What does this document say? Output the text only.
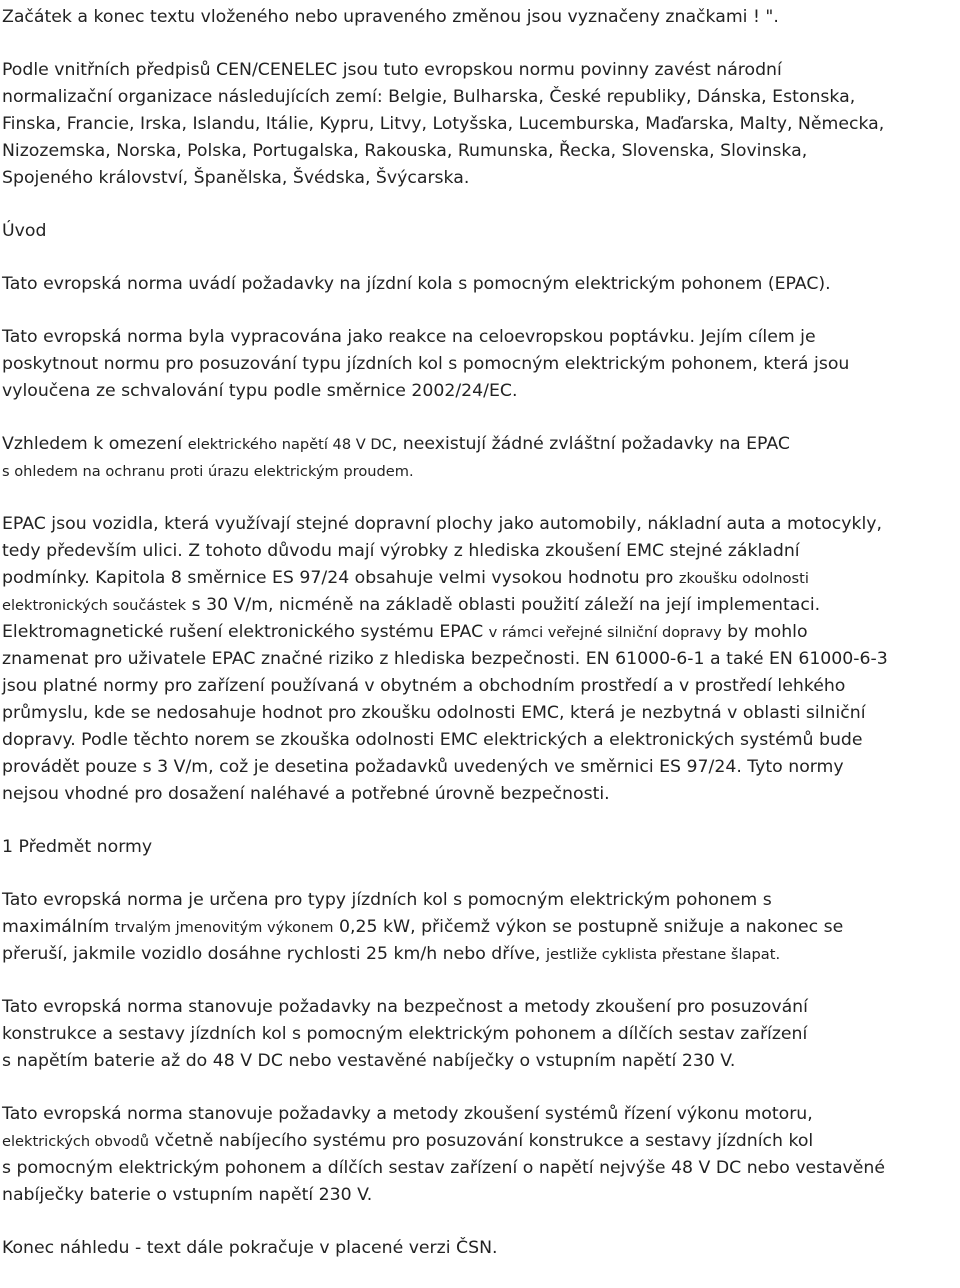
Začátek a konec textu vloženého nebo upraveného změnou jsou vyznačeny značkami ! ".

Podle vnitřních předpisů CEN/CENELEC jsou tuto evropskou normu povinny zavést národní
normalizační organizace následujících zemí: Belgie, Bulharska, České republiky, Dánska, Estonska,
Finska, Francie, Irska, Islandu, Itálie, Kypru, Litvy, Lotyšska, Lucemburska, Maďarska, Malty, Německa,
Nizozemska, Norska, Polska, Portugalska, Rakouska, Rumunska, Řecka, Slovenska, Slovinska,
Spojeného království, Španělska, Švédska, Švýcarska.

Úvod

Tato evropská norma uvádí požadavky na jízdní kola s pomocným elektrickým pohonem (EPAC).

Tato evropská norma byla vypracována jako reakce na celoevropskou poptávku. Jejím cílem je
poskytnout normu pro posuzování typu jízdních kol s pomocným elektrickým pohonem, která jsou
vyloučena ze schvalování typu podle směrnice 2002/24/EC.

Vzhledem k omezení elektrického napětí 48 V DC, neexistují žádné zvláštní požadavky na EPAC
s ohledem na ochranu proti úrazu elektrickým proudem.

EPAC jsou vozidla, která využívají stejné dopravní plochy jako automobily, nákladní auta a motocykly,
tedy především ulici. Z tohoto důvodu mají výrobky z hlediska zkoušení EMC stejné základní
podmínky. Kapitola 8 směrnice ES 97/24 obsahuje velmi vysokou hodnotu pro zkoušku odolnosti
elektronických součástek s 30 V/m, nicméně na základě oblasti použití záleží na její implementaci.
Elektromagnetické rušení elektronického systému EPAC v rámci veřejné silniční dopravy by mohlo
znamenat pro uživatele EPAC značné riziko z hlediska bezpečnosti. EN 61000-6-1 a také EN 61000-6-3
jsou platné normy pro zařízení používaná v obytném a obchodním prostředí a v prostředí lehkého
průmyslu, kde se nedosahuje hodnot pro zkoušku odolnosti EMC, která je nezbytná v oblasti silniční
dopravy. Podle těchto norem se zkouška odolnosti EMC elektrických a elektronických systémů bude
provádět pouze s 3 V/m, což je desetina požadavků uvedených ve směrnici ES 97/24. Tyto normy
nejsou vhodné pro dosažení naléhavé a potřebné úrovně bezpečnosti.

1 Předmět normy

Tato evropská norma je určena pro typy jízdních kol s pomocným elektrickým pohonem s
maximálním trvalým jmenovitým výkonem 0,25 kW, přičemž výkon se postupně snižuje a nakonec se
přeruší, jakmile vozidlo dosáhne rychlosti 25 km/h nebo dříve, jestliže cyklista přestane šlapat.

Tato evropská norma stanovuje požadavky na bezpečnost a metody zkoušení pro posuzování
konstrukce a sestavy jízdních kol s pomocným elektrickým pohonem a dílčích sestav zařízení
s napětím baterie až do 48 V DC nebo vestavěné nabíječky o vstupním napětí 230 V.

Tato evropská norma stanovuje požadavky a metody zkoušení systémů řízení výkonu motoru,
elektrických obvodů včetně nabíjecího systému pro posuzování konstrukce a sestavy jízdních kol
s pomocným elektrickým pohonem a dílčích sestav zařízení o napětí nejvýše 48 V DC nebo vestavěné
nabíječky baterie o vstupním napětí 230 V.

Konec náhledu - text dále pokračuje v placené verzi ČSN.
